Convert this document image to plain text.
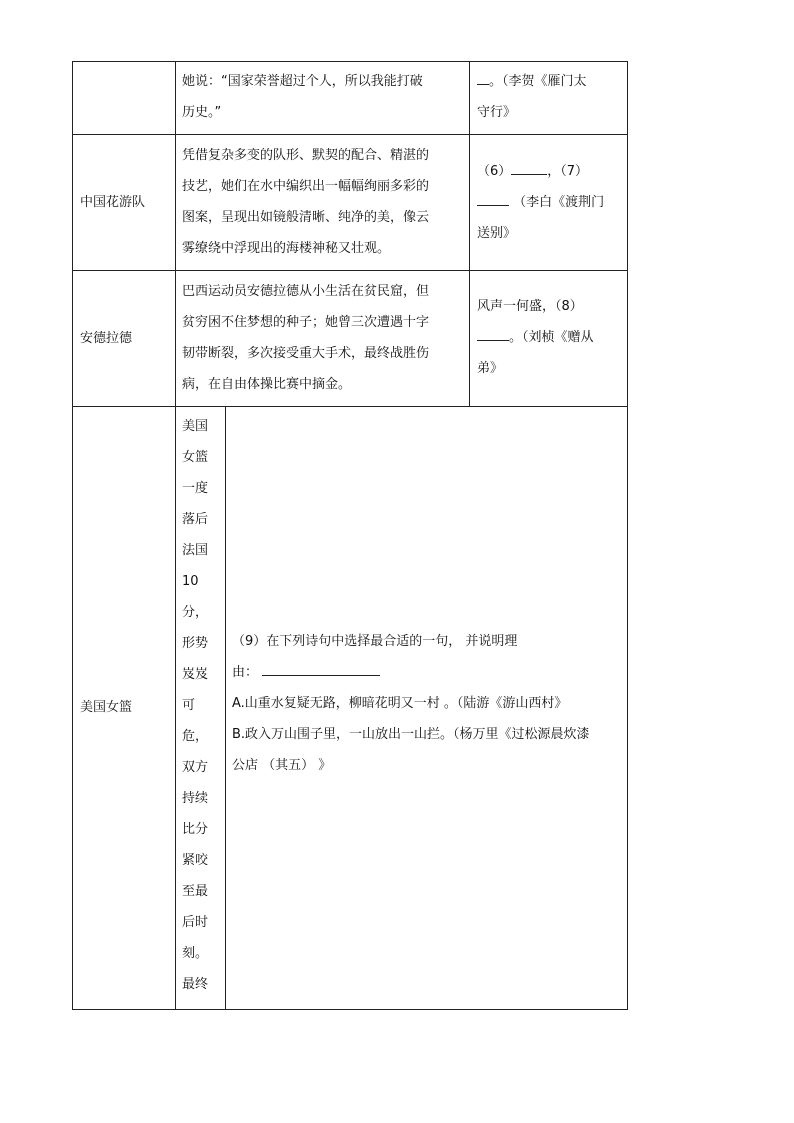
她说：“国家荣誉超过个人，所以我能打破

历史。”

。（李贺《雁门太

守行》

中国花游队

凭借复杂多变的队形、默契的配合、精湛的

技艺，她们在水中编织出一幅幅绚丽多彩的

图案，呈现出如镜般清晰、纯净的美，像云

雾缭绕中浮现出的海楼神秘又壮观。

（6）	，（7）

（李白《渡荆门

送别》

安德拉德

巴西运动员安德拉德从小生活在贫民窟，但

贫穷困不住梦想的种子；她曾三次遭遇十字

韧带断裂，多次接受重大手术，最终战胜伤

病，在自由体操比赛中摘金。

风声一何盛，（8）

。（刘桢《赠从

弟》

美国女篮

美国
女篮
一度
落后
法国
10
分，
形势
岌岌
可
危，
双方
持续
比分
紧咬
至最
后时
刻。
最终

（9）在下列诗句中选择最合适的一句， 并说明理

由：

A.山重水复疑无路，柳暗花明又一村 。（陆游《游山西村》

B.政入万山围子里，一山放出一山拦。（杨万里《过松源晨炊漆

公店 （其五） 》
